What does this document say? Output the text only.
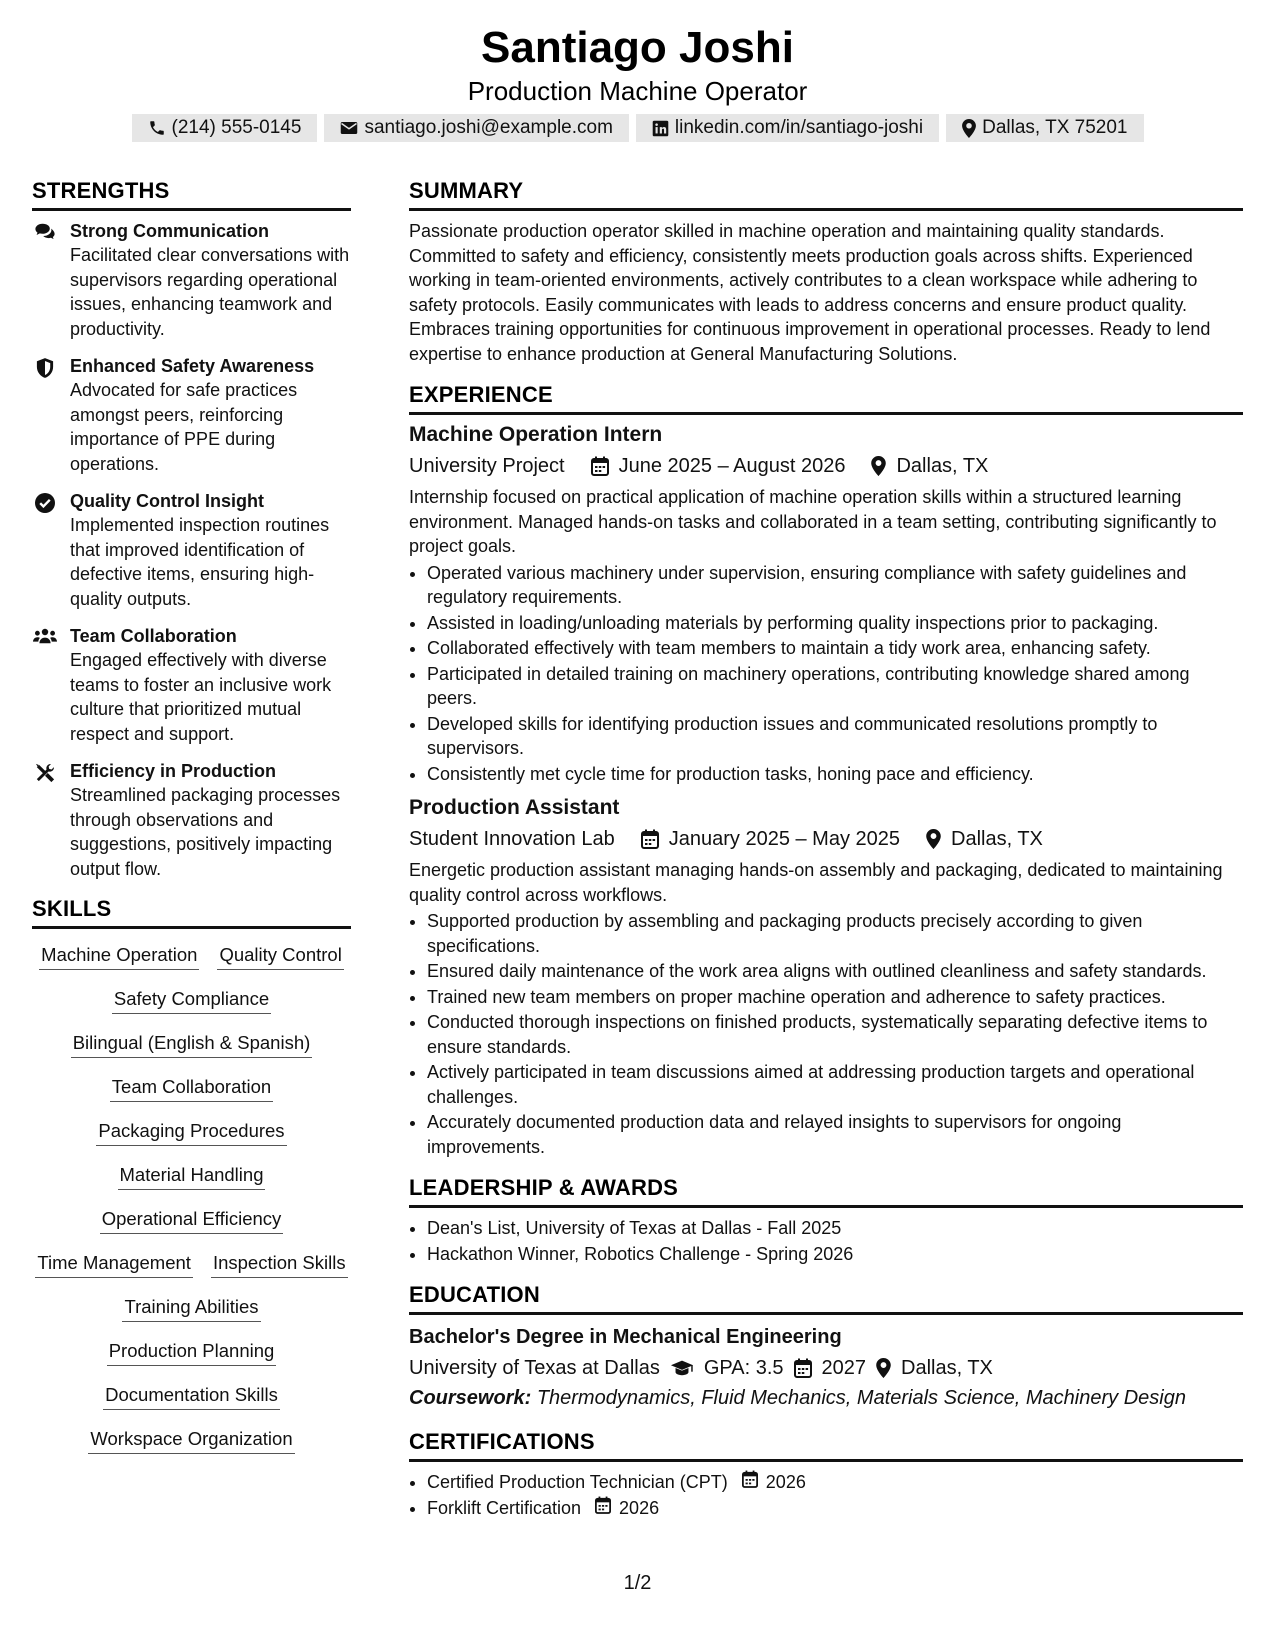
Santiago Joshi
Production Machine Operator
(214) 555-0145	santiago.joshi@example.com	linkedin.com/in/santiago-joshi	Dallas, TX 75201
STRENGTHS
Strong Communication
Facilitated clear conversations with supervisors regarding operational issues, enhancing teamwork and productivity.
Enhanced Safety Awareness
Advocated for safe practices amongst peers, reinforcing importance of PPE during operations.
Quality Control Insight
Implemented inspection routines that improved identification of defective items, ensuring high-quality outputs.
Team Collaboration
Engaged effectively with diverse teams to foster an inclusive work culture that prioritized mutual respect and support.
Efficiency in Production
Streamlined packaging processes through observations and suggestions, positively impacting output flow.
SKILLS
Machine Operation Quality Control
Safety Compliance
Bilingual (English & Spanish)
Team Collaboration
Packaging Procedures
Material Handling
Operational Efficiency
Time Management Inspection Skills
Training Abilities
Production Planning
Documentation Skills
Workspace Organization
SUMMARY
Passionate production operator skilled in machine operation and maintaining quality standards. Committed to safety and efficiency, consistently meets production goals across shifts. Experienced working in team-oriented environments, actively contributes to a clean workspace while adhering to safety protocols. Easily communicates with leads to address concerns and ensure product quality. Embraces training opportunities for continuous improvement in operational processes. Ready to lend expertise to enhance production at General Manufacturing Solutions.
EXPERIENCE
Machine Operation Intern
University Project	June 2025 – August 2026	Dallas, TX
Internship focused on practical application of machine operation skills within a structured learning environment. Managed hands-on tasks and collaborated in a team setting, contributing significantly to project goals.
• Operated various machinery under supervision, ensuring compliance with safety guidelines and regulatory requirements.
• Assisted in loading/unloading materials by performing quality inspections prior to packaging.
• Collaborated effectively with team members to maintain a tidy work area, enhancing safety.
• Participated in detailed training on machinery operations, contributing knowledge shared among peers.
• Developed skills for identifying production issues and communicated resolutions promptly to supervisors.
• Consistently met cycle time for production tasks, honing pace and efficiency.
Production Assistant
Student Innovation Lab	January 2025 – May 2025	Dallas, TX
Energetic production assistant managing hands-on assembly and packaging, dedicated to maintaining quality control across workflows.
• Supported production by assembling and packaging products precisely according to given specifications.
• Ensured daily maintenance of the work area aligns with outlined cleanliness and safety standards.
• Trained new team members on proper machine operation and adherence to safety practices.
• Conducted thorough inspections on finished products, systematically separating defective items to ensure standards.
• Actively participated in team discussions aimed at addressing production targets and operational challenges.
• Accurately documented production data and relayed insights to supervisors for ongoing improvements.
LEADERSHIP & AWARDS
• Dean's List, University of Texas at Dallas - Fall 2025
• Hackathon Winner, Robotics Challenge - Spring 2026
EDUCATION
Bachelor's Degree in Mechanical Engineering
University of Texas at Dallas GPA: 3.5 2027 Dallas, TX
Coursework: Thermodynamics, Fluid Mechanics, Materials Science, Machinery Design
CERTIFICATIONS
• Certified Production Technician (CPT) 2026
• Forklift Certification 2026
1/2
